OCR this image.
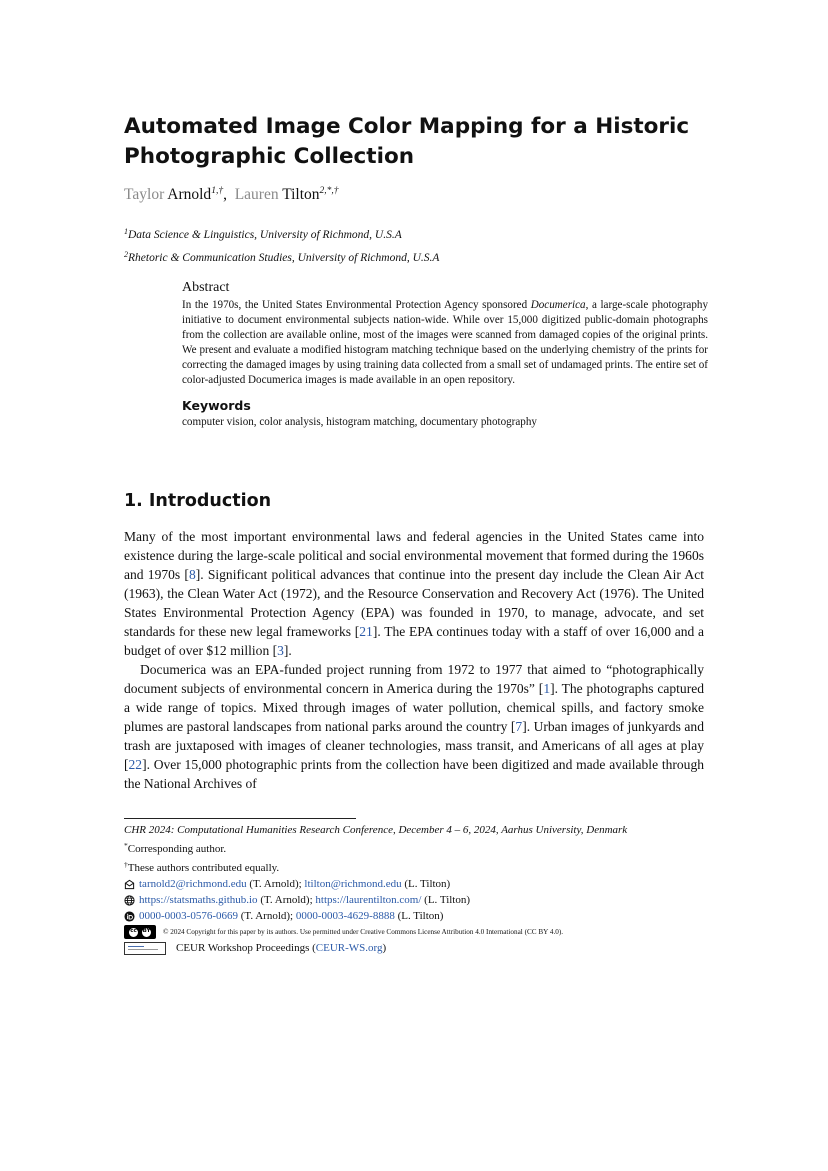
Automated Image Color Mapping for a Historic Photographic Collection
Taylor Arnold$^{1,\dagger}$,  Lauren Tilton$^{2,*,\dagger}$
$^1$Data Science & Linguistics, University of Richmond, U.S.A
$^2$Rhetoric & Communication Studies, University of Richmond, U.S.A
Abstract

In the 1970s, the United States Environmental Protection Agency sponsored Documerica, a large-scale photography initiative to document environmental subjects nation-wide. While over 15,000 digitized public-domain photographs from the collection are available online, most of the images were scanned from damaged copies of the original prints. We present and evaluate a modified histogram matching technique based on the underlying chemistry of the prints for correcting the damaged images by using training data collected from a small set of undamaged prints. The entire set of color-adjusted Documerica images is made available in an open repository.

Keywords

computer vision, color analysis, histogram matching, documentary photography

1. Introduction

Many of the most important environmental laws and federal agencies in the United States came into existence during the large-scale political and social environmental movement that formed during the 1960s and 1970s [8]. Significant political advances that continue into the present day include the Clean Air Act (1963), the Clean Water Act (1972), and the Resource Conservation and Recovery Act (1976). The United States Environmental Protection Agency (EPA) was founded in 1970, to manage, advocate, and set standards for these new legal frameworks [21]. The EPA continues today with a staff of over 16,000 and a budget of over $12 million [3].

Documerica was an EPA-funded project running from 1972 to 1977 that aimed to “photographically document subjects of environmental concern in America during the 1970s” [1]. The photographs captured a wide range of topics. Mixed through images of water pollution, chemical spills, and factory smoke plumes are pastoral landscapes from national parks around the country [7]. Urban images of junkyards and trash are juxtaposed with images of cleaner technologies, mass transit, and Americans of all ages at play [22]. Over 15,000 photographic prints from the collection have been digitized and made available through the National Archives of

CHR 2024: Computational Humanities Research Conference, December 4 – 6, 2024, Aarhus University, Denmark
*Corresponding author.
†These authors contributed equally.
tarnold2@richmond.edu (T. Arnold); ltilton@richmond.edu (L. Tilton)
https://statsmaths.github.io (T. Arnold); https://laurentilton.com/ (L. Tilton)
0000-0003-0576-0669 (T. Arnold); 0000-0003-4629-8888 (L. Tilton)
cc	BY © 2024 Copyright for this paper by its authors. Use permitted under Creative Commons License Attribution 4.0 International (CC BY 4.0).
CEUR Workshop Proceedings (CEUR-WS.org)
